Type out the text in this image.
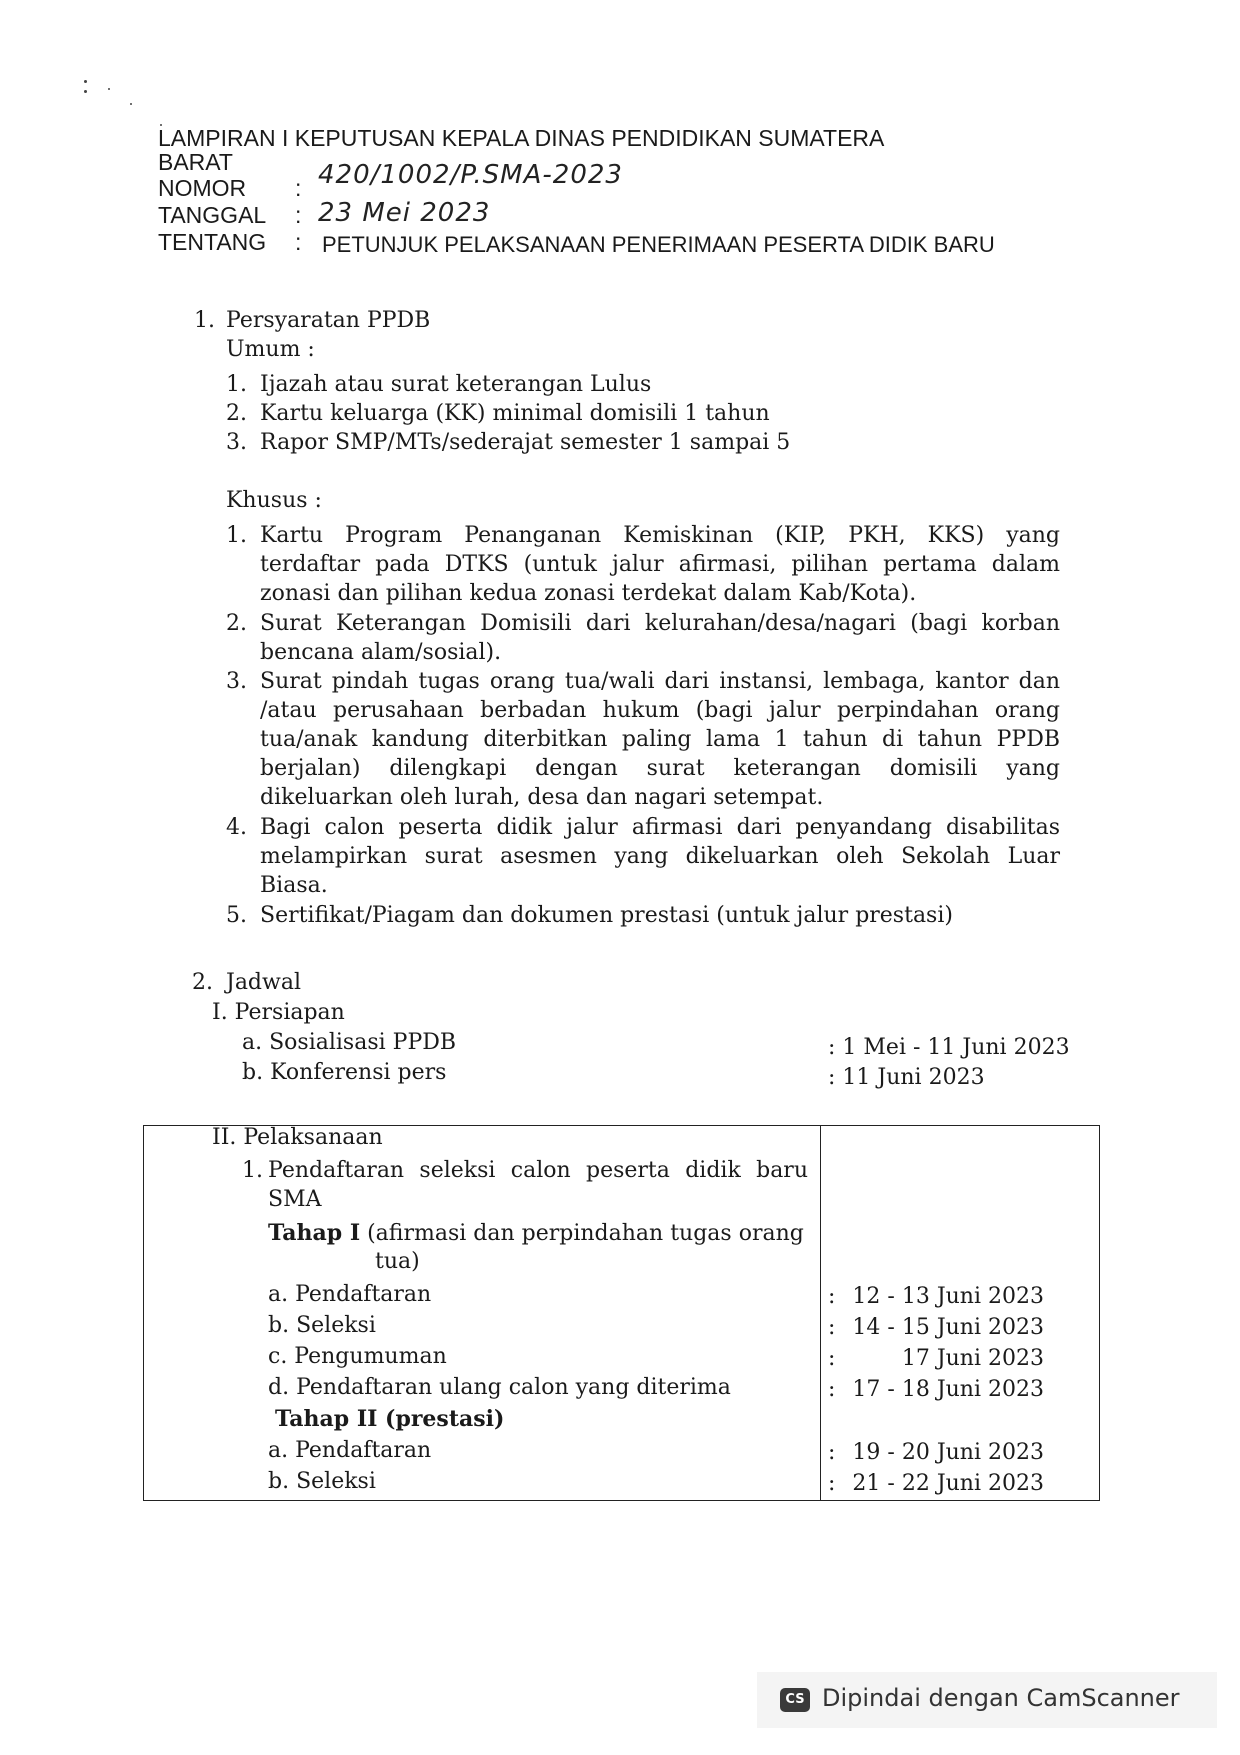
LAMPIRAN I KEPUTUSAN KEPALA DINAS PENDIDIKAN SUMATERA
BARAT
NOMOR : 420/1002/P.SMA-2023
TANGGAL : 23 Mei 2023
TENTANG : PETUNJUK PELAKSANAAN PENERIMAAN PESERTA DIDIK BARU
1. Persyaratan PPDB
Umum :
1. Ijazah atau surat keterangan Lulus
2. Kartu keluarga (KK) minimal domisili 1 tahun
3. Rapor SMP/MTs/sederajat semester 1 sampai 5
Khusus :
1. Kartu Program Penanganan Kemiskinan (KIP, PKH, KKS) yang
terdaftar pada DTKS (untuk jalur afirmasi, pilihan pertama dalam
zonasi dan pilihan kedua zonasi terdekat dalam Kab/Kota).
2. Surat Keterangan Domisili dari kelurahan/desa/nagari (bagi korban
bencana alam/sosial).
3. Surat pindah tugas orang tua/wali dari instansi, lembaga, kantor dan
/atau perusahaan berbadan hukum (bagi jalur perpindahan orang
tua/anak kandung diterbitkan paling lama 1 tahun di tahun PPDB
berjalan) dilengkapi dengan surat keterangan domisili yang
dikeluarkan oleh lurah, desa dan nagari setempat.
4. Bagi calon peserta didik jalur afirmasi dari penyandang disabilitas
melampirkan surat asesmen yang dikeluarkan oleh Sekolah Luar
Biasa.
5. Sertifikat/Piagam dan dokumen prestasi (untuk jalur prestasi)
2. Jadwal
I. Persiapan
a. Sosialisasi PPDB	: 1 Mei - 11 Juni 2023
b. Konferensi pers	: 11 Juni 2023
II. Pelaksanaan
1. Pendaftaran seleksi calon peserta didik baru
SMA
Tahap I (afirmasi dan perpindahan tugas orang
tua)
a. Pendaftaran	: 12 - 13 Juni 2023
b. Seleksi	: 14 - 15 Juni 2023
c. Pengumuman	:	17 Juni 2023
d. Pendaftaran ulang calon yang diterima	: 17 - 18 Juni 2023
Tahap II (prestasi)
a. Pendaftaran	: 19 - 20 Juni 2023
b. Seleksi	: 21 - 22 Juni 2023
CS Dipindai dengan CamScanner
